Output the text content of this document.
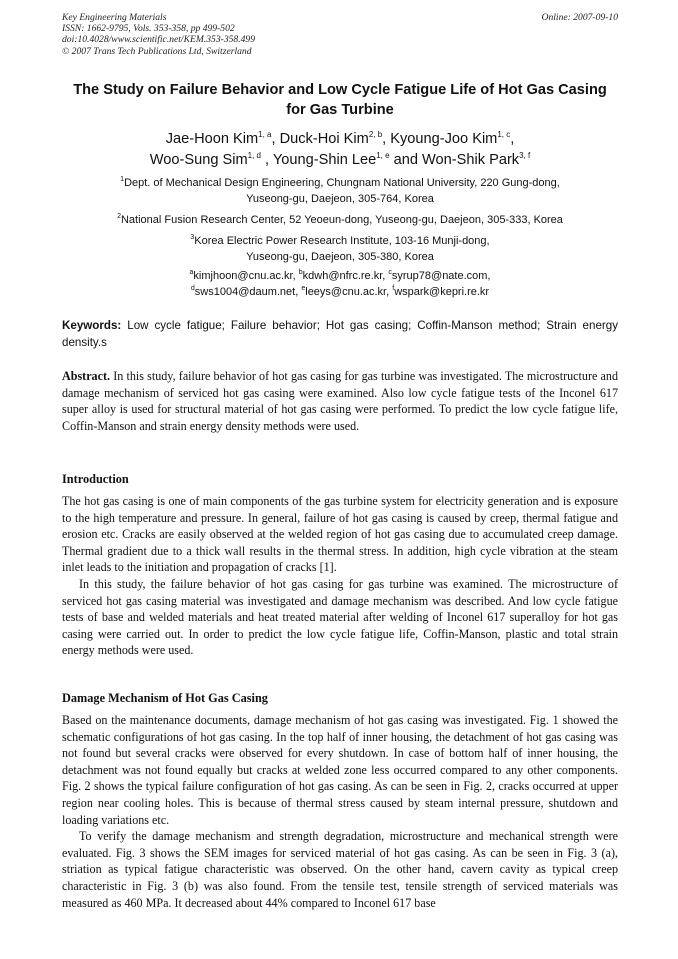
Key Engineering Materials
ISSN: 1662-9795, Vols. 353-358, pp 499-502
doi:10.4028/www.scientific.net/KEM.353-358.499
© 2007 Trans Tech Publications Ltd, Switzerland
Online: 2007-09-10
The Study on Failure Behavior and Low Cycle Fatigue Life of Hot Gas Casing for Gas Turbine
Jae-Hoon Kim$^{1, a}$, Duck-Hoi Kim$^{2, b}$, Kyoung-Joo Kim$^{1, c}$,
Woo-Sung Sim$^{1, d}$ , Young-Shin Lee$^{1, e}$ and Won-Shik Park$^{3, f}$
$^1$Dept. of Mechanical Design Engineering, Chungnam National University, 220 Gung-dong,
Yuseong-gu, Daejeon, 305-764, Korea
$^2$National Fusion Research Center, 52 Yeoeun-dong, Yuseong-gu, Daejeon, 305-333, Korea
$^3$Korea Electric Power Research Institute, 103-16 Munji-dong,
Yuseong-gu, Daejeon, 305-380, Korea
$^a$kimjhoon@cnu.ac.kr, $^b$kdwh@nfrc.re.kr, $^c$syrup78@nate.com,
$^d$sws1004@daum.net, $^e$leeys@cnu.ac.kr, $^f$wspark@kepri.re.kr
Keywords: Low cycle fatigue; Failure behavior; Hot gas casing; Coffin-Manson method; Strain energy density.s

Abstract. In this study, failure behavior of hot gas casing for gas turbine was investigated. The microstructure and damage mechanism of serviced hot gas casing were examined. Also low cycle fatigue tests of the Inconel 617 super alloy is used for structural material of hot gas casing were performed. To predict the low cycle fatigue life, Coffin-Manson and strain energy density methods were used.

Introduction

The hot gas casing is one of main components of the gas turbine system for electricity generation and is exposure to the high temperature and pressure. In general, failure of hot gas casing is caused by creep, thermal fatigue and erosion etc. Cracks are easily observed at the welded region of hot gas casing due to accumulated creep damage. Thermal gradient due to a thick wall results in the thermal stress. In addition, high cycle vibration at the steam inlet leads to the initiation and propagation of cracks [1].

In this study, the failure behavior of hot gas casing for gas turbine was examined. The microstructure of serviced hot gas casing material was investigated and damage mechanism was described. And low cycle fatigue tests of base and welded materials and heat treated material after welding of Inconel 617 superalloy for hot gas casing were carried out. In order to predict the low cycle fatigue life, Coffin-Manson, plastic and total strain energy methods were used.

Damage Mechanism of Hot Gas Casing

Based on the maintenance documents, damage mechanism of hot gas casing was investigated. Fig. 1 showed the schematic configurations of hot gas casing. In the top half of inner housing, the detachment of hot gas casing was not found but several cracks were observed for every shutdown. In case of bottom half of inner housing, the detachment was not found equally but cracks at welded zone less occurred compared to any other components. Fig. 2 shows the typical failure configuration of hot gas casing. As can be seen in Fig. 2, cracks occurred at upper region near cooling holes. This is because of thermal stress caused by steam internal pressure, shutdown and loading variations etc.

To verify the damage mechanism and strength degradation, microstructure and mechanical strength were evaluated. Fig. 3 shows the SEM images for serviced material of hot gas casing. As can be seen in Fig. 3 (a), striation as typical fatigue characteristic was observed. On the other hand, cavern cavity as typical creep characteristic in Fig. 3 (b) was also found. From the tensile test, tensile strength of serviced materials was measured as 460 MPa. It decreased about 44% compared to Inconel 617 base
